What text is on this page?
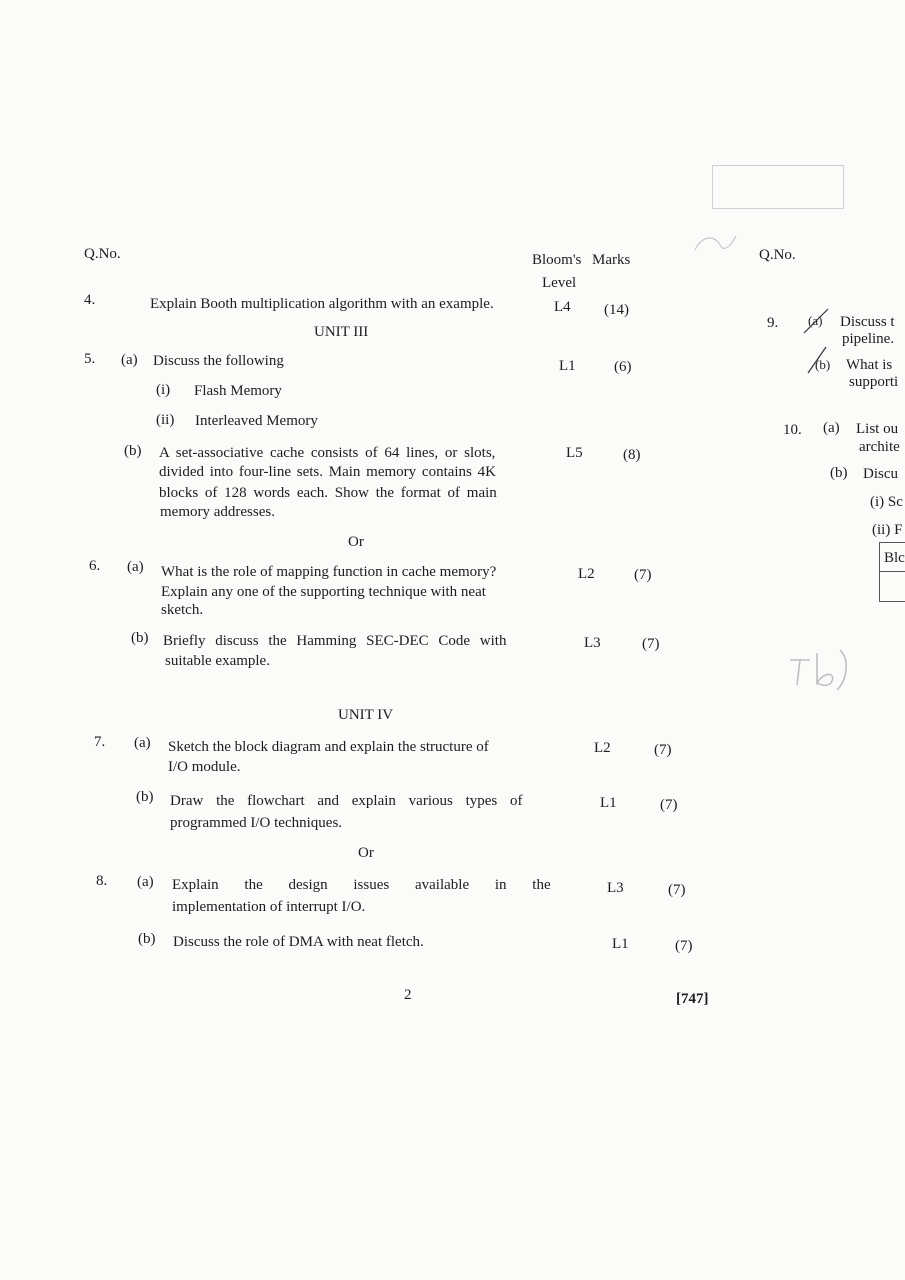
Q.No.	Bloom's Marks
Level
4.	Explain Booth multiplication algorithm with an example.	L4 (14)
UNIT III
5. (a) Discuss the following	L1	(6)
(i) Flash Memory
(ii) Interleaved Memory
(b) A set-associative cache consists of 64 lines, or slots,
divided into four-line sets. Main memory contains 4K
blocks of 128 words each. Show the format of main
memory addresses.
L5	(8)
Or
6. (a) What is the role of mapping function in cache memory?
Explain any one of the supporting technique with neat
sketch.
L2	(7)
(b) Briefly discuss the Hamming SEC-DEC Code with
suitable example.
L3	(7)
UNIT IV
7. (a) Sketch the block diagram and explain the structure of
I/O module.
L2	(7)
(b) Draw the flowchart and explain various types of
programmed I/O techniques.
L1	(7)
Or
8. (a) Explain the design issues available in the
implementation of interrupt I/O.
L3	(7)
(b) Discuss the role of DMA with neat fletch.	L1	(7)
2	[747]
Q.No.
9. (a) Discuss t
pipeline.
(b) What is
supporti
10. (a) List ou
archite
(b) Discu
(i) Sc
(ii) F
Blc
